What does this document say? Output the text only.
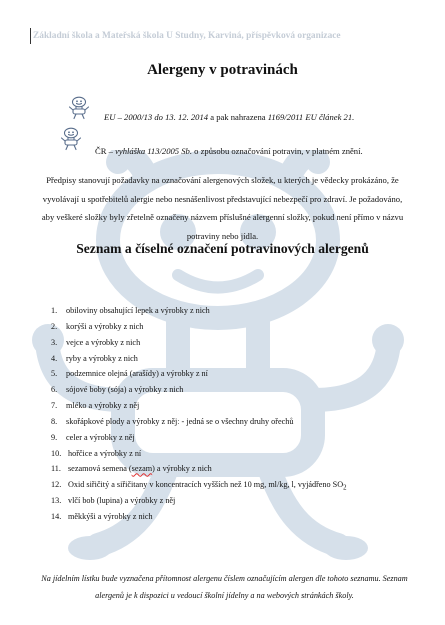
Základní škola a Mateřská škola U Studny, Karviná, příspěvková organizace
Alergeny v potravinách
EU – 2000/13 do 13. 12. 2014 a pak nahrazena 1169/2011 EU článek 21.
ČR – vyhláška 113/2005 Sb. o způsobu označování potravin, v platném znění.
Předpisy stanovují požadavky na označování alergenových složek, u kterých je vědecky prokázáno, že vyvolávají u spotřebitelů alergie nebo nesnášenlivost představující nebezpečí pro zdraví. Je požadováno, aby veškeré složky byly zřetelně označeny názvem příslušné alergenní složky, pokud není přímo v názvu potraviny nebo jídla.
Seznam a číselné označení potravinových alergenů
1. obiloviny obsahující lepek a výrobky z nich
2. korýši a výrobky z nich
3. vejce a výrobky z nich
4. ryby a výrobky z nich
5. podzemnice olejná (arašídy) a výrobky z ní
6. sójové boby (sója) a výrobky z nich
7. mléko a výrobky z něj
8. skořápkové plody a výrobky z nějː - jedná se o všechny druhy ořechů
9. celer a výrobky z něj
10. hořčice a výrobky z ní
11. sezamová semena (sezam) a výrobky z nich
12. Oxid siřičitý a siřičitany v koncentracích vyšších než 10 mg, ml/kg, l, vyjádřeno $SO_2$
13. vlčí bob (lupina) a výrobky z něj
14. měkkýši a výrobky z nich
Na jídelním lístku bude vyznačena přítomnost alergenu číslem označujícím alergen dle tohoto seznamu. Seznam alergenů je k dispozici u vedoucí školní jídelny a na webových stránkách školy.
